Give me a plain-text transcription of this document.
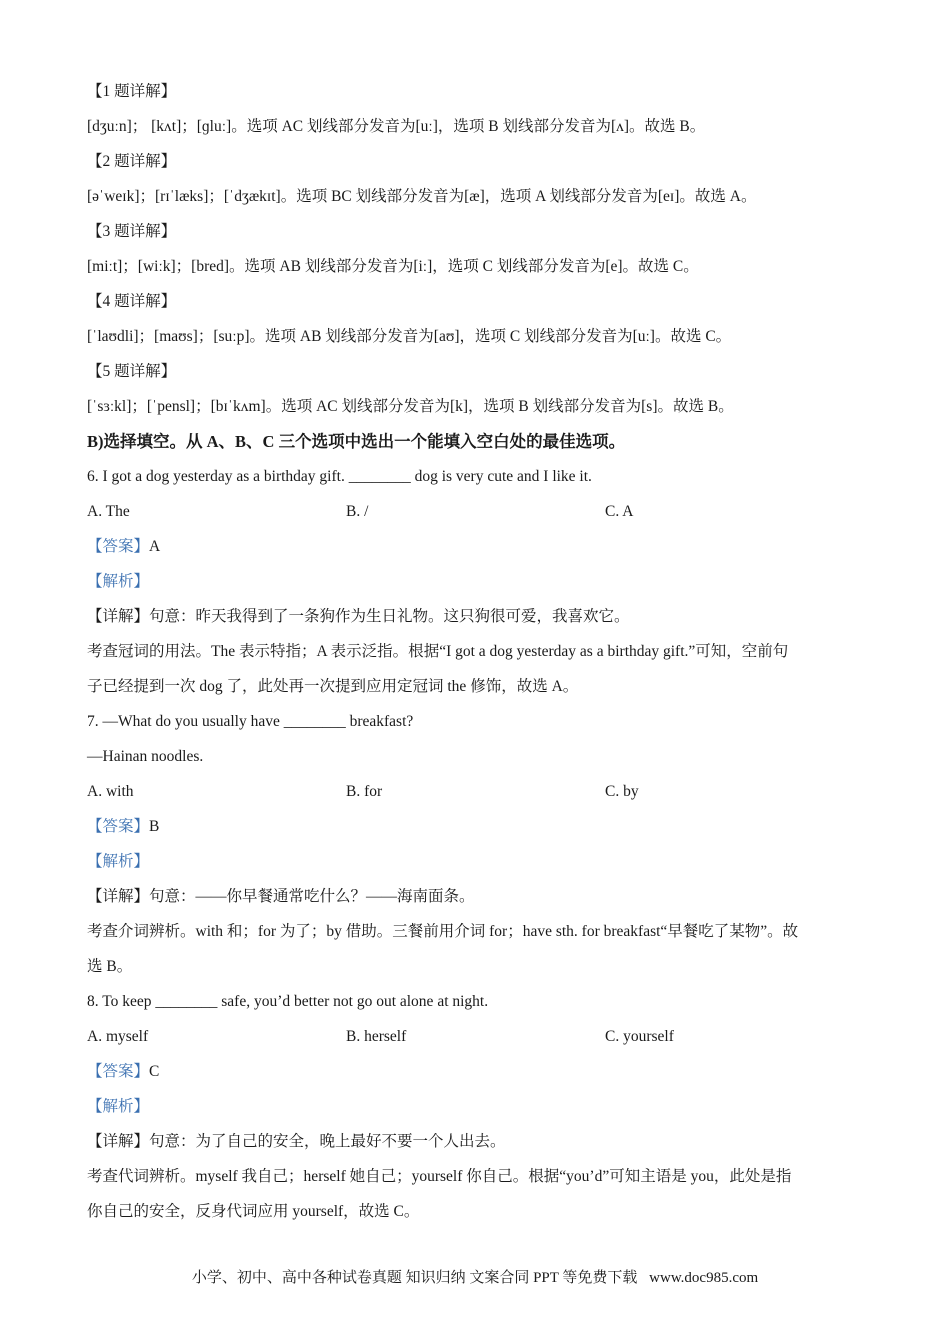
【1 题详解】
[dʒuːn]； [kʌt]；[ɡluː]。选项 AC 划线部分发音为[uː]，选项 B 划线部分发音为[ʌ]。故选 B。
【2 题详解】
[əˈweɪk]；[rɪˈlæks]；[ˈdʒækɪt]。选项 BC 划线部分发音为[æ]，选项 A 划线部分发音为[eɪ]。故选 A。
【3 题详解】
[miːt]；[wiːk]；[bred]。选项 AB 划线部分发音为[iː]，选项 C 划线部分发音为[e]。故选 C。
【4 题详解】
[ˈlaʊdli]；[maʊs]；[suːp]。选项 AB 划线部分发音为[aʊ]，选项 C 划线部分发音为[uː]。故选 C。
【5 题详解】
[ˈsɜːkl]；[ˈpensl]；[bɪˈkʌm]。选项 AC 划线部分发音为[k]，选项 B 划线部分发音为[s]。故选 B。
B)选择填空。从 A、B、C 三个选项中选出一个能填入空白处的最佳选项。
6. I got a dog yesterday as a birthday gift. ________ dog is very cute and I like it.
A. The	B. /	C. A
【答案】A
【解析】
【详解】句意：昨天我得到了一条狗作为生日礼物。这只狗很可爱，我喜欢它。
考查冠词的用法。The 表示特指；A 表示泛指。根据“I got a dog yesterday as a birthday gift.”可知，空前句
子已经提到一次 dog 了，此处再一次提到应用定冠词 the 修饰，故选 A。
7. —What do you usually have ________ breakfast?
—Hainan noodles.
A. with	B. for	C. by
【答案】B
【解析】
【详解】句意：——你早餐通常吃什么？——海南面条。
考查介词辨析。with 和；for 为了；by 借助。三餐前用介词 for；have sth. for breakfast“早餐吃了某物”。故
选 B。
8. To keep ________ safe, you’d better not go out alone at night.
A. myself	B. herself	C. yourself
【答案】C
【解析】
【详解】句意：为了自己的安全，晚上最好不要一个人出去。
考查代词辨析。myself 我自己；herself 她自己；yourself 你自己。根据“you’d”可知主语是 you，此处是指
你自己的安全，反身代词应用 yourself，故选 C。
小学、初中、高中各种试卷真题 知识归纳 文案合同 PPT 等免费下载 www.doc985.com
